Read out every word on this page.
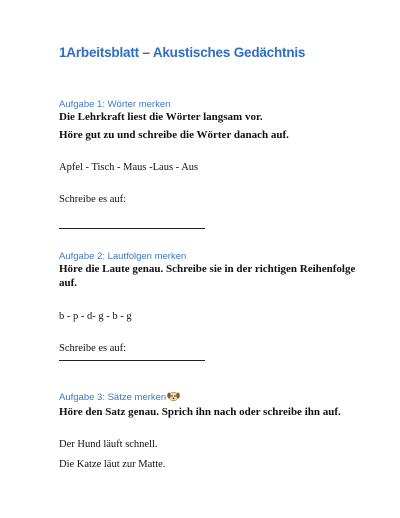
1Arbeitsblatt – Akustisches Gedächtnis
Aufgabe 1: Wörter merken
Die Lehrkraft liest die Wörter langsam vor.
Höre gut zu und schreibe die Wörter danach auf.
Apfel - Tisch - Maus -Laus - Aus
Schreibe es auf:
Aufgabe 2: Lautfolgen merken
Höre die Laute genau. Schreibe sie in der richtigen Reihenfolge auf.
b - p - d- g - b - g
Schreibe es auf:
Aufgabe 3: Sätze merken
Höre den Satz genau. Sprich ihn nach oder schreibe ihn auf.
Der Hund läuft schnell.
Die Katze läut zur Matte.
